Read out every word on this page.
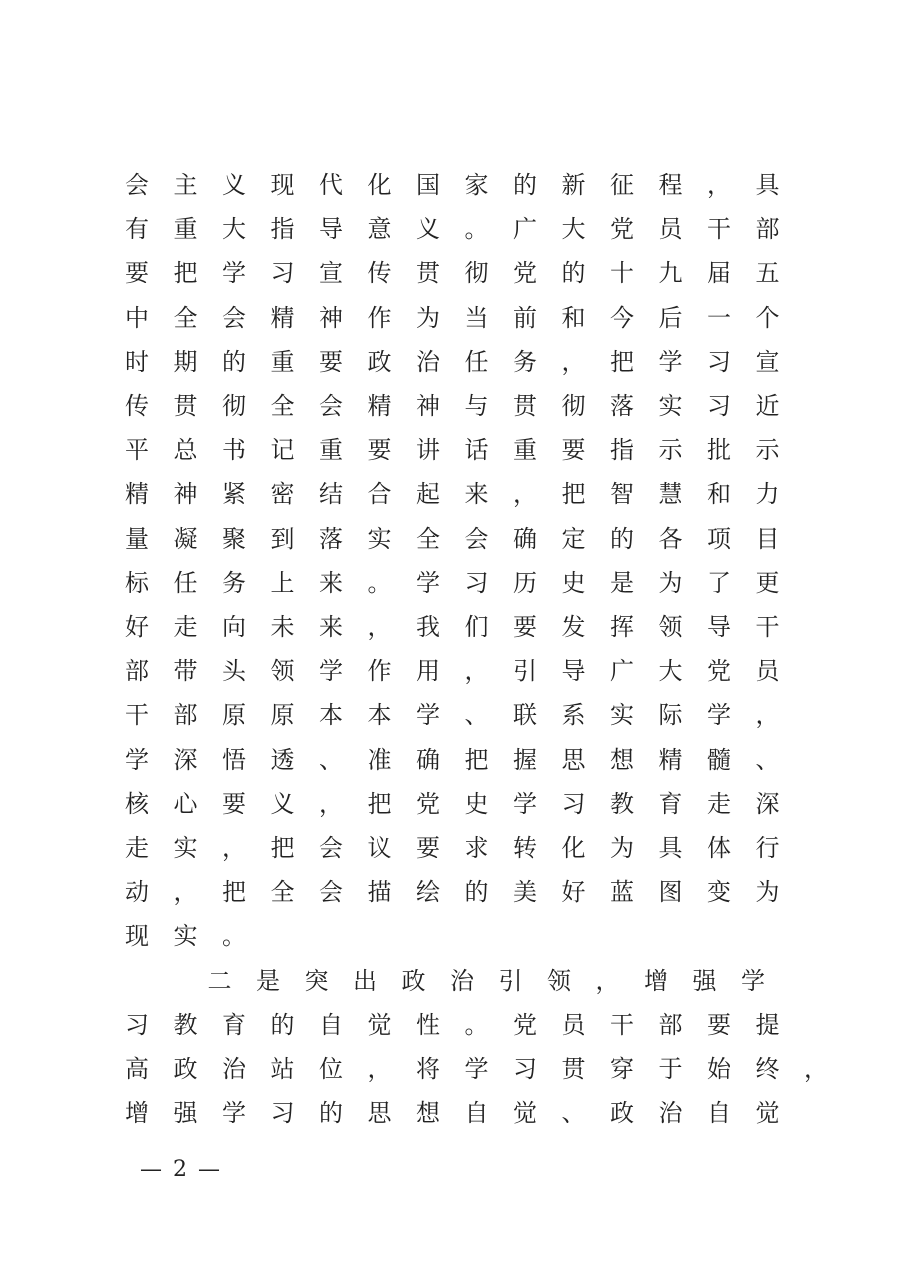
会 主 义 现 代 化 国 家 的 新 征 程 ， 具
有 重 大 指 导 意 义 。 广 大 党 员 干 部
要 把 学 习 宣 传 贯 彻 党 的 十 九 届 五
中 全 会 精 神 作 为 当 前 和 今 后 一 个
时 期 的 重 要 政 治 任 务 ， 把 学 习 宣
传 贯 彻 全 会 精 神 与 贯 彻 落 实 习 近
平 总 书 记 重 要 讲 话 重 要 指 示 批 示
精 神 紧 密 结 合 起 来 ， 把 智 慧 和 力
量 凝 聚 到 落 实 全 会 确 定 的 各 项 目
标 任 务 上 来 。 学 习 历 史 是 为 了 更
好 走 向 未 来 ， 我 们 要 发 挥 领 导 干
部 带 头 领 学 作 用 ， 引 导 广 大 党 员
干 部 原 原 本 本 学 、 联 系 实 际 学 ，
学 深 悟 透 、 准 确 把 握 思 想 精 髓 、
核 心 要 义 ， 把 党 史 学 习 教 育 走 深
走 实 ， 把 会 议 要 求 转 化 为 具 体 行
动 ， 把 全 会 描 绘 的 美 好 蓝 图 变 为
现 实 。
二 是 突 出 政 治 引 领 ， 增 强 学
习 教 育 的 自 觉 性 。 党 员 干 部 要 提
高 政 治 站 位 ， 将 学 习 贯 穿 于 始 终 ，
增 强 学 习 的 思 想 自 觉 、 政 治 自 觉
— 2 —
